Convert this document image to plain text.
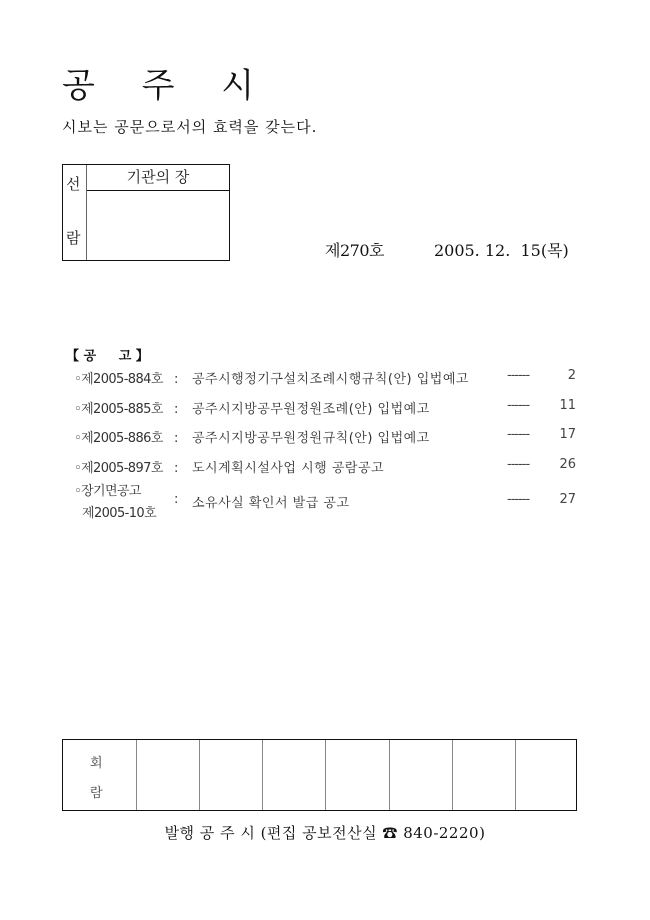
공 주 시
시보는 공문으로서의 효력을 갖는다.
선
람
기관의 장
제270호	2005. 12.  15(목)
【 공     고 】
◦제2005-884호 : 공주시행정기구설치조례시행규칙(안) 입법예고	------	2
◦제2005-885호 : 공주시지방공무원정원조례(안) 입법예고	------	11
◦제2005-886호 : 공주시지방공무원정원규칙(안) 입법예고	------	17
◦제2005-897호 : 도시계획시설사업 시행 공람공고	------	26
◦장기면공고
제2005-10호
:	소유사실 확인서 발급 공고	------	27
회
람
발행 공 주 시 (편집 공보전산실 ☎ 840-2220)
